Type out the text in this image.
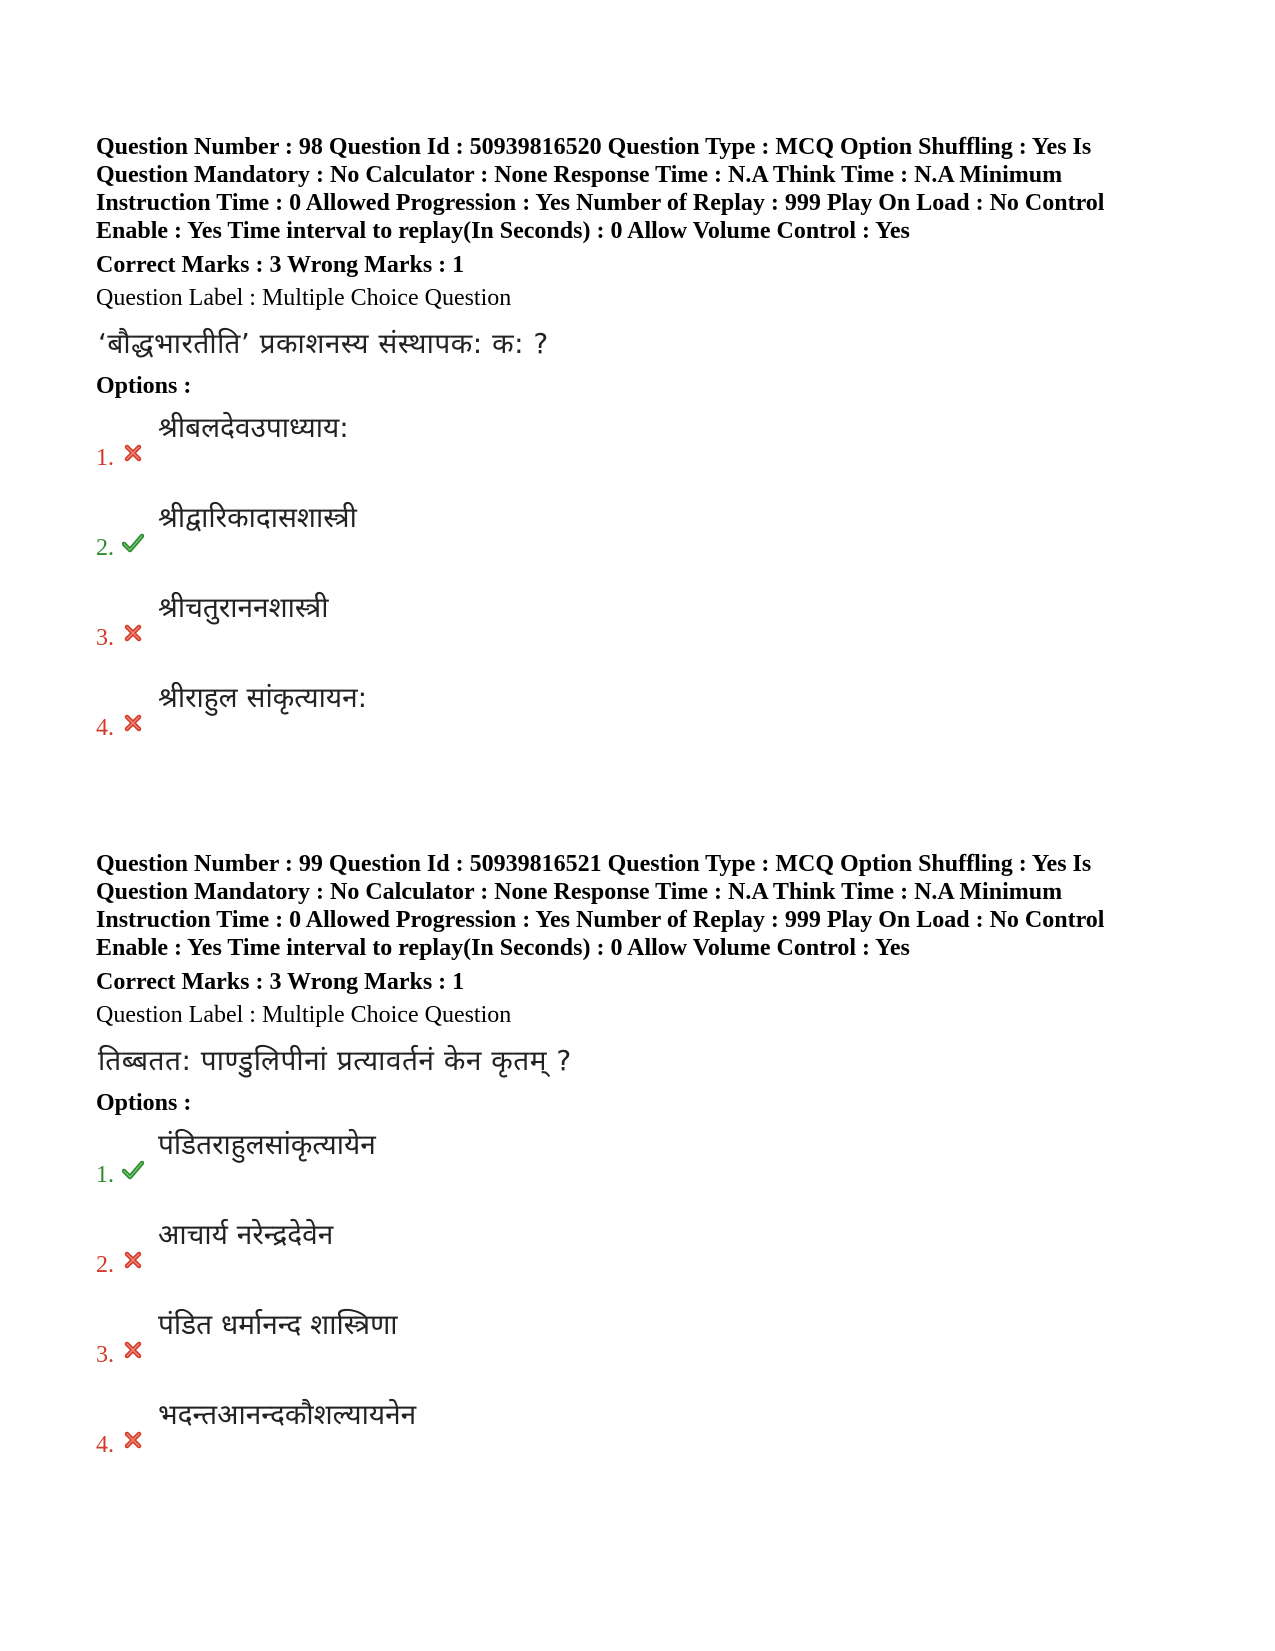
Question Number : 98 Question Id : 50939816520 Question Type : MCQ Option Shuffling : Yes Is
Question Mandatory : No Calculator : None Response Time : N.A Think Time : N.A Minimum
Instruction Time : 0 Allowed Progression : Yes Number of Replay : 999 Play On Load : No Control
Enable : Yes Time interval to replay(In Seconds) : 0 Allow Volume Control : Yes

Correct Marks : 3 Wrong Marks : 1

Question Label : Multiple Choice Question

‘बौद्धभारतीति’ प्रकाशनस्य संस्थापक: क: ?

Options :

1.
श्रीबलदेवउपाध्याय:
2.
श्रीद्वारिकादासशास्त्री
3.
श्रीचतुराननशास्त्री
4.
श्रीराहुल सांकृत्यायन:

Question Number : 99 Question Id : 50939816521 Question Type : MCQ Option Shuffling : Yes Is
Question Mandatory : No Calculator : None Response Time : N.A Think Time : N.A Minimum
Instruction Time : 0 Allowed Progression : Yes Number of Replay : 999 Play On Load : No Control
Enable : Yes Time interval to replay(In Seconds) : 0 Allow Volume Control : Yes

Correct Marks : 3 Wrong Marks : 1

Question Label : Multiple Choice Question

तिब्बतत: पाण्डुलिपीनां प्रत्यावर्तनं केन कृतम् ?

Options :

1.
पंडितराहुलसांकृत्यायेन
2.
आचार्य नरेन्द्रदेवेन
3.
पंडित धर्मानन्द शास्त्रिणा
4.
भदन्तआनन्दकौशल्यायनेन
